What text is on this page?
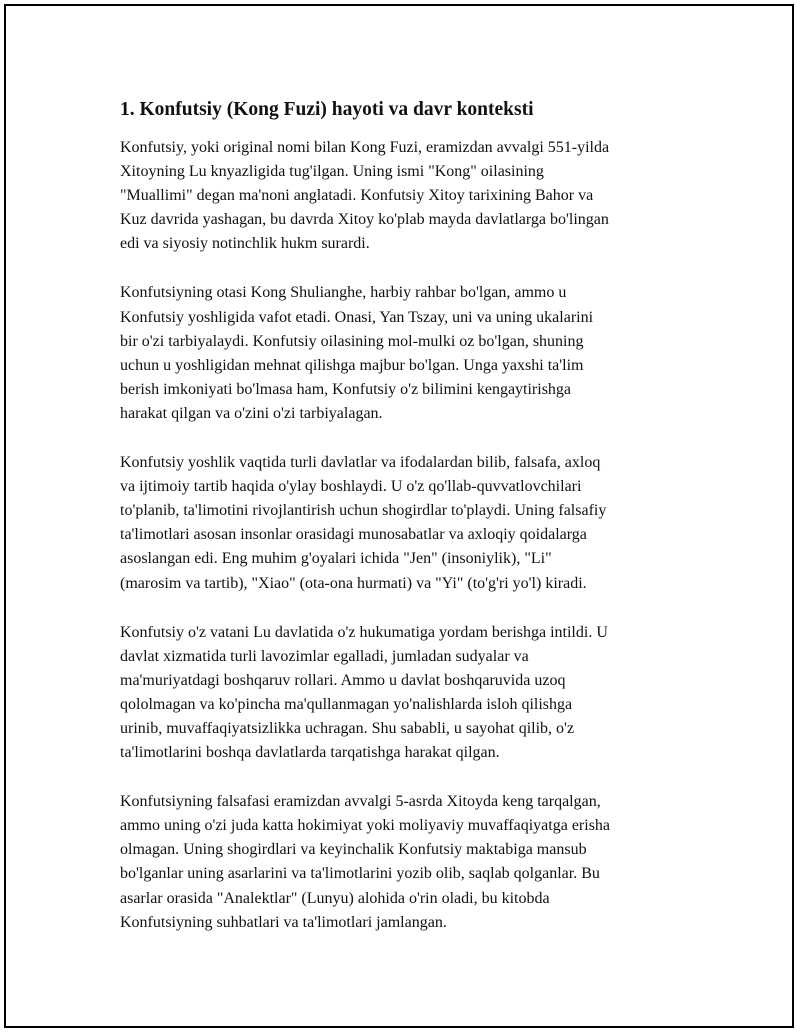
1. Konfutsiy (Kong Fuzi) hayoti va davr konteksti

Konfutsiy, yoki original nomi bilan Kong Fuzi, eramizdan avvalgi 551-yilda
Xitoyning Lu knyazligida tug'ilgan. Uning ismi "Kong" oilasining
"Muallimi" degan ma'noni anglatadi. Konfutsiy Xitoy tarixining Bahor va
Kuz davrida yashagan, bu davrda Xitoy ko'plab mayda davlatlarga bo'lingan
edi va siyosiy notinchlik hukm surardi.

Konfutsiyning otasi Kong Shulianghe, harbiy rahbar bo'lgan, ammo u
Konfutsiy yoshligida vafot etadi. Onasi, Yan Tszay, uni va uning ukalarini
bir o'zi tarbiyalaydi. Konfutsiy oilasining mol-mulki oz bo'lgan, shuning
uchun u yoshligidan mehnat qilishga majbur bo'lgan. Unga yaxshi ta'lim
berish imkoniyati bo'lmasa ham, Konfutsiy o'z bilimini kengaytirishga
harakat qilgan va o'zini o'zi tarbiyalagan.

Konfutsiy yoshlik vaqtida turli davlatlar va ifodalardan bilib, falsafa, axloq
va ijtimoiy tartib haqida o'ylay boshlaydi. U o'z qo'llab-quvvatlovchilari
to'planib, ta'limotini rivojlantirish uchun shogirdlar to'playdi. Uning falsafiy
ta'limotlari asosan insonlar orasidagi munosabatlar va axloqiy qoidalarga
asoslangan edi. Eng muhim g'oyalari ichida "Jen" (insoniylik), "Li"
(marosim va tartib), "Xiao" (ota-ona hurmati) va "Yi" (to'g'ri yo'l) kiradi.

Konfutsiy o'z vatani Lu davlatida o'z hukumatiga yordam berishga intildi. U
davlat xizmatida turli lavozimlar egalladi, jumladan sudyalar va
ma'muriyatdagi boshqaruv rollari. Ammo u davlat boshqaruvida uzoq
qololmagan va ko'pincha ma'qullanmagan yo'nalishlarda isloh qilishga
urinib, muvaffaqiyatsizlikka uchragan. Shu sababli, u sayohat qilib, o'z
ta'limotlarini boshqa davlatlarda tarqatishga harakat qilgan.

Konfutsiyning falsafasi eramizdan avvalgi 5-asrda Xitoyda keng tarqalgan,
ammo uning o'zi juda katta hokimiyat yoki moliyaviy muvaffaqiyatga erisha
olmagan. Uning shogirdlari va keyinchalik Konfutsiy maktabiga mansub
bo'lganlar uning asarlarini va ta'limotlarini yozib olib, saqlab qolganlar. Bu
asarlar orasida "Analektlar" (Lunyu) alohida o'rin oladi, bu kitobda
Konfutsiyning suhbatlari va ta'limotlari jamlangan.
